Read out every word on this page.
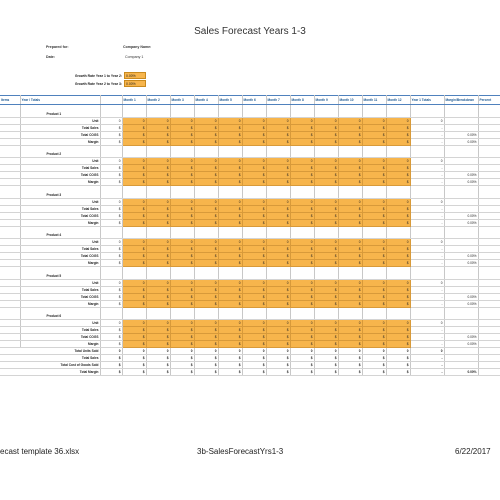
Sales Forecast Years 1-3
Prepared for:	Company Name:
Company 1
Date:
Growth Rate Year 1 to Year 2:	0.00%
Growth Rate Year 2 to Year 3:	0.00%
Items	Year / Totals		Month 1	Month 2	Month 3	Month 4	Month 5	Month 6	Month 7	Month 8	Month 9	Month 10	Month 11	Month 12	Year 1 Totals	Margin/Breakdown	Percent

	Product 1																
	Unit	0	0	0	0	0	0	0	0	0	0	0	0	0	0		
	Total Sales	$	$	$	$	$	$	$	$	$	$	$	$	$	-		
	Total COGS	$	$	$	$	$	$	$	$	$	$	$	$	$	-	0.00%	
	Margin	$	$	$	$	$	$	$	$	$	$	$	$	$	-	0.00%	

	Product 2																
	Unit	0	0	0	0	0	0	0	0	0	0	0	0	0	0		
	Total Sales	$	$	$	$	$	$	$	$	$	$	$	$	$	-		
	Total COGS	$	$	$	$	$	$	$	$	$	$	$	$	$	-	0.00%	
	Margin	$	$	$	$	$	$	$	$	$	$	$	$	$	-	0.00%	

	Product 3																
	Unit	0	0	0	0	0	0	0	0	0	0	0	0	0	0		
	Total Sales	$	$	$	$	$	$	$	$	$	$	$	$	$	-		
	Total COGS	$	$	$	$	$	$	$	$	$	$	$	$	$	-	0.00%	
	Margin	$	$	$	$	$	$	$	$	$	$	$	$	$	-	0.00%	

	Product 4																
	Unit	0	0	0	0	0	0	0	0	0	0	0	0	0	0		
	Total Sales	$	$	$	$	$	$	$	$	$	$	$	$	$	-		
	Total COGS	$	$	$	$	$	$	$	$	$	$	$	$	$	-	0.00%	
	Margin	$	$	$	$	$	$	$	$	$	$	$	$	$	-	0.00%	

	Product 5																
	Unit	0	0	0	0	0	0	0	0	0	0	0	0	0	0		
	Total Sales	$	$	$	$	$	$	$	$	$	$	$	$	$	-		
	Total COGS	$	$	$	$	$	$	$	$	$	$	$	$	$	-	0.00%	
	Margin	$	$	$	$	$	$	$	$	$	$	$	$	$	-	0.00%	

	Product 6																
	Unit	0	0	0	0	0	0	0	0	0	0	0	0	0	0		
	Total Sales	$	$	$	$	$	$	$	$	$	$	$	$	$	-		
	Total COGS	$	$	$	$	$	$	$	$	$	$	$	$	$	-	0.00%	
	Margin	$	$	$	$	$	$	$	$	$	$	$	$	$	-	0.00%	
Total Units Sold		0	0	0	0	0	0	0	0	0	0	0	0	0	0		
Total Sales		$	$	$	$	$	$	$	$	$	$	$	$	$	-		
Total Cost of Goods Sold		$	$	$	$	$	$	$	$	$	$	$	$	$	-		
Total Margin		$	$	$	$	$	$	$	$	$	$	$	$	$	-	0.00%	
ecast template 36.xlsx	3b-SalesForecastYrs1-3	6/22/2017
